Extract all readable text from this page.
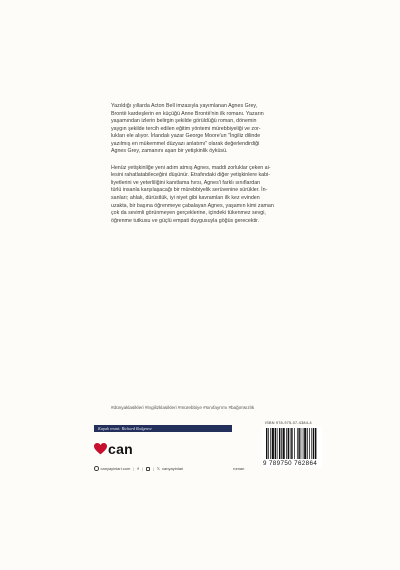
Yazıldığı yıllarda Acton Bell imzasıyla yayımlanan Agnes Grey,
Brontë kardeşlerin en küçüğü Anne Brontë'nin ilk romanı. Yazarın
yaşamından izlerin belirgin şekilde görüldüğü roman, dönemin
yaygın şekilde tercih edilen eğitim yöntemi mürebbiyeliği ve zor-
lukları ele alıyor. İrlandalı yazar George Moore'un "İngiliz dilinde
yazılmış en mükemmel düzyazı anlatımı" olarak değerlendirdiği
Agnes Grey, zamanını aşan bir yetişkinlik öyküsü.

Henüz yetişkinliğe yeni adım atmış Agnes, maddi zorluklar çeken ai-
lesini rahatlatabileceğini düşünür. Etrafındaki diğer yetişkinlere kabi-
liyetlerini ve yeterliliğini kanıtlama hırsı, Agnes'i farklı sınıflardan
türlü insanla karşılaşacağı bir mürebbiyelik serüvenine sürükler. İn-
sanları; ahlak, dürüstlük, iyi niyet gibi kavramları ilk kez evinden
uzakta, bir başına öğrenmeye çabalayan Agnes, yaşamın kimi zaman
çok da sevimli görünmeyen gerçeklerine, içindeki tükenmez sevgi,
öğrenme tutkusu ve güçlü empati duygusuyla göğüs gerecektir.

#dünyaklasikleri #ingilizklasikleri #mürebbiye #sınıfayrımı #bağımsızlık
Kapak resmi: Richard Redgrave
can
canyayinlari.com | f |	| 𝕏 canyayinlari	roman
ISBN 978-975-07-4384-4
9 789750 762864
